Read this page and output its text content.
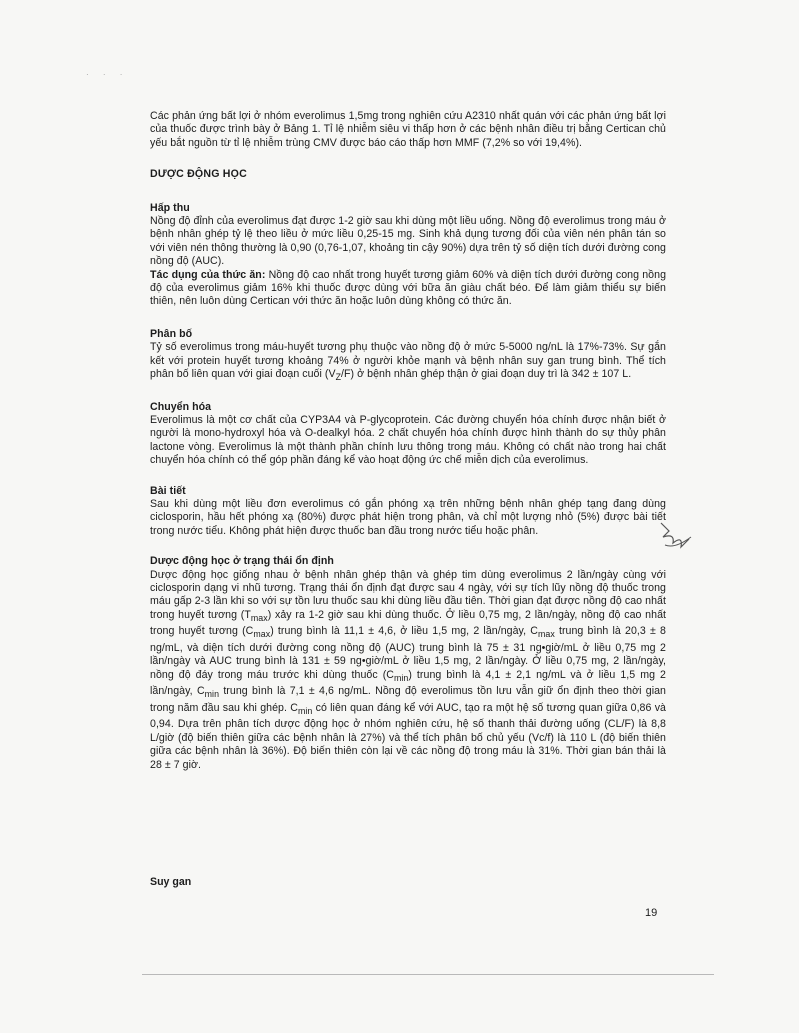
· · ·

Các phản ứng bất lợi ở nhóm everolimus 1,5mg trong nghiên cứu A2310 nhất quán với các phản ứng bất lợi của thuốc được trình bày ở Bảng 1. Tỉ lệ nhiễm siêu vi thấp hơn ở các bệnh nhân điều trị bằng Certican chủ yếu bắt nguồn từ tỉ lệ nhiễm trùng CMV được báo cáo thấp hơn MMF (7,2% so với 19,4%).

DƯỢC ĐỘNG HỌC

Hấp thu

Nồng độ đỉnh của everolimus đạt được 1-2 giờ sau khi dùng một liều uống. Nồng độ everolimus trong máu ở bệnh nhân ghép tỷ lệ theo liều ở mức liều 0,25-15 mg. Sinh khả dụng tương đối của viên nén phân tán so với viên nén thông thường là 0,90 (0,76-1,07, khoảng tin cậy 90%) dựa trên tỷ số diện tích dưới đường cong nồng độ (AUC).

Tác dụng của thức ăn: Nồng độ cao nhất trong huyết tương giảm 60% và diện tích dưới đường cong nồng độ của everolimus giảm 16% khi thuốc được dùng với bữa ăn giàu chất béo. Để làm giảm thiểu sự biến thiên, nên luôn dùng Certican với thức ăn hoặc luôn dùng không có thức ăn.

Phân bố

Tỷ số everolimus trong máu-huyết tương phụ thuộc vào nồng độ ở mức 5-5000 ng/nL là 17%-73%. Sự gắn kết với protein huyết tương khoảng 74% ở người khỏe mạnh và bệnh nhân suy gan trung bình. Thể tích phân bố liên quan với giai đoạn cuối $(V_Z/F)$ ở bệnh nhân ghép thận ở giai đoạn duy trì là 342 ± 107 L.

Chuyển hóa

Everolimus là một cơ chất của CYP3A4 và P-glycoprotein. Các đường chuyển hóa chính được nhận biết ở người là mono-hydroxyl hóa và O-dealkyl hóa. 2 chất chuyển hóa chính được hình thành do sự thủy phân lactone vòng. Everolimus là một thành phần chính lưu thông trong máu. Không có chất nào trong hai chất chuyển hóa chính có thể góp phần đáng kể vào hoạt động ức chế miễn dịch của everolimus.

Bài tiết

Sau khi dùng một liều đơn everolimus có gắn phóng xạ trên những bệnh nhân ghép tạng đang dùng ciclosporin, hầu hết phóng xạ (80%) được phát hiện trong phân, và chỉ một lượng nhỏ (5%) được bài tiết trong nước tiểu. Không phát hiện được thuốc ban đầu trong nước tiểu hoặc phân.

Dược động học ở trạng thái ổn định

Dược động học giống nhau ở bệnh nhân ghép thận và ghép tim dùng everolimus 2 lần/ngày cùng với ciclosporin dạng vi nhũ tương. Trạng thái ổn định đạt được sau 4 ngày, với sự tích lũy nồng độ thuốc trong máu gấp 2-3 lần khi so với sự tồn lưu thuốc sau khi dùng liều đầu tiên. Thời gian đạt được nồng độ cao nhất trong huyết tương $(T_{max})$ xảy ra 1-2 giờ sau khi dùng thuốc. Ở liều 0,75 mg, 2 lần/ngày, nồng độ cao nhất trong huyết tương $(C_{max})$ trung bình là 11,1 ± 4,6, ở liều 1,5 mg, 2 lần/ngày, $C_{max}$ trung bình là 20,3 ± 8 ng/mL, và diện tích dưới đường cong nồng độ (AUC) trung bình là 75 ± 31 ng•giờ/mL ở liều 0,75 mg 2 lần/ngày và AUC trung bình là 131 ± 59 ng•giờ/mL ở liều 1,5 mg, 2 lần/ngày. Ở liều 0,75 mg, 2 lần/ngày, nồng độ đáy trong máu trước khi dùng thuốc $(C_{min})$ trung bình là 4,1 ± 2,1 ng/mL và ở liều 1,5 mg 2 lần/ngày, $C_{min}$ trung bình là 7,1 ± 4,6 ng/mL. Nồng độ everolimus tồn lưu vẫn giữ ổn định theo thời gian trong năm đầu sau khi ghép. $C_{min}$ có liên quan đáng kể với AUC, tạo ra một hệ số tương quan giữa 0,86 và 0,94. Dựa trên phân tích dược động học ở nhóm nghiên cứu, hệ số thanh thải đường uống (CL/F) là 8,8 L/giờ (độ biến thiên giữa các bệnh nhân là 27%) và thể tích phân bố chủ yếu (Vc/f) là 110 L (độ biến thiên giữa các bệnh nhân là 36%). Độ biến thiên còn lại về các nồng độ trong máu là 31%. Thời gian bán thải là 28 ± 7 giờ.

Suy gan

19
